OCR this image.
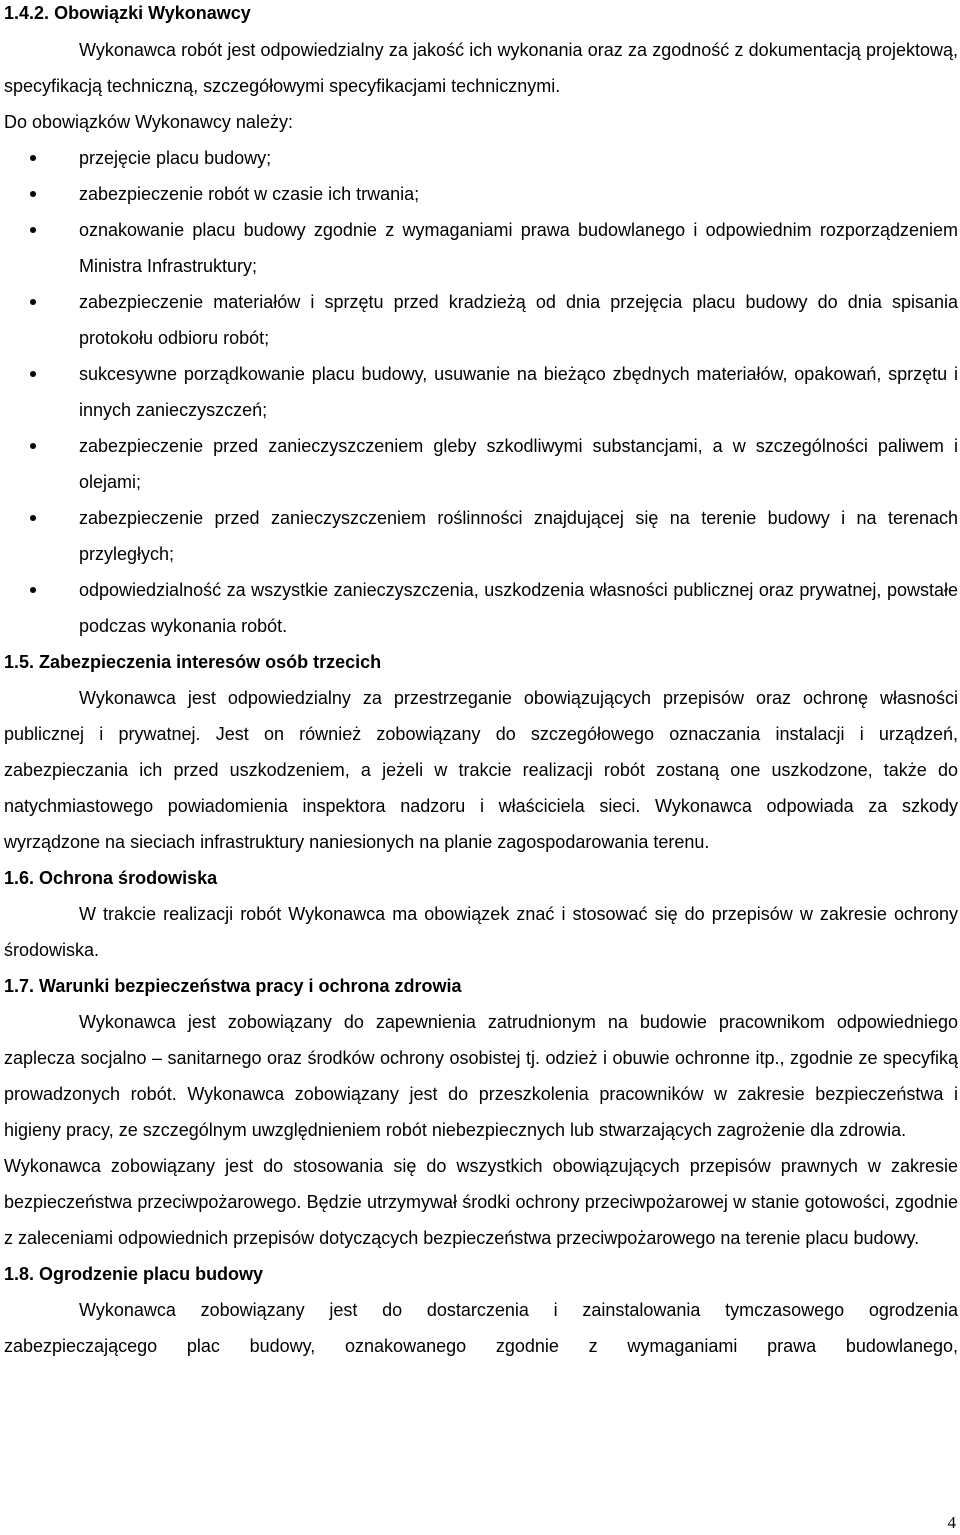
1.4.2. Obowiązki Wykonawcy

Wykonawca robót jest odpowiedzialny za jakość ich wykonania oraz za zgodność z dokumentacją projektową, specyfikacją techniczną, szczegółowymi specyfikacjami technicznymi.

Do obowiązków Wykonawcy należy:

przejęcie placu budowy;
zabezpieczenie robót w czasie ich trwania;
oznakowanie placu budowy zgodnie z wymaganiami prawa budowlanego i odpowiednim rozporządzeniem Ministra Infrastruktury;
zabezpieczenie materiałów i sprzętu przed kradzieżą od dnia przejęcia placu budowy do dnia spisania protokołu odbioru robót;
sukcesywne porządkowanie placu budowy, usuwanie na bieżąco zbędnych materiałów, opakowań, sprzętu i innych zanieczyszczeń;
zabezpieczenie przed zanieczyszczeniem gleby szkodliwymi substancjami, a w szczególności paliwem i olejami;
zabezpieczenie przed zanieczyszczeniem roślinności znajdującej się na terenie budowy i na terenach przyległych;
odpowiedzialność za wszystkie zanieczyszczenia, uszkodzenia własności publicznej oraz prywatnej, powstałe podczas wykonania robót.
1.5. Zabezpieczenia interesów osób trzecich

Wykonawca jest odpowiedzialny za przestrzeganie obowiązujących przepisów oraz ochronę własności publicznej i prywatnej. Jest on również zobowiązany do szczegółowego oznaczania instalacji i urządzeń, zabezpieczania ich przed uszkodzeniem, a jeżeli w trakcie realizacji robót zostaną one uszkodzone, także do natychmiastowego powiadomienia inspektora nadzoru i właściciela sieci. Wykonawca odpowiada za szkody wyrządzone na sieciach infrastruktury naniesionych na planie zagospodarowania terenu.

1.6. Ochrona środowiska

W trakcie realizacji robót Wykonawca ma obowiązek znać i stosować się do przepisów w zakresie ochrony środowiska.

1.7. Warunki bezpieczeństwa pracy i ochrona zdrowia

Wykonawca jest zobowiązany do zapewnienia zatrudnionym na budowie pracownikom odpowiedniego zaplecza socjalno – sanitarnego oraz środków ochrony osobistej tj. odzież i obuwie ochronne itp., zgodnie ze specyfiką prowadzonych robót. Wykonawca zobowiązany jest do przeszkolenia pracowników w zakresie bezpieczeństwa i higieny pracy, ze szczególnym uwzględnieniem robót niebezpiecznych lub stwarzających zagrożenie dla zdrowia.

Wykonawca zobowiązany jest do stosowania się do wszystkich obowiązujących przepisów prawnych w zakresie bezpieczeństwa przeciwpożarowego. Będzie utrzymywał środki ochrony przeciwpożarowej w stanie gotowości, zgodnie z zaleceniami odpowiednich przepisów dotyczących bezpieczeństwa przeciwpożarowego na terenie placu budowy.

1.8. Ogrodzenie placu budowy

Wykonawca zobowiązany jest do dostarczenia i zainstalowania tymczasowego ogrodzenia zabezpieczającego plac budowy, oznakowanego zgodnie z wymaganiami prawa budowlanego,

4
